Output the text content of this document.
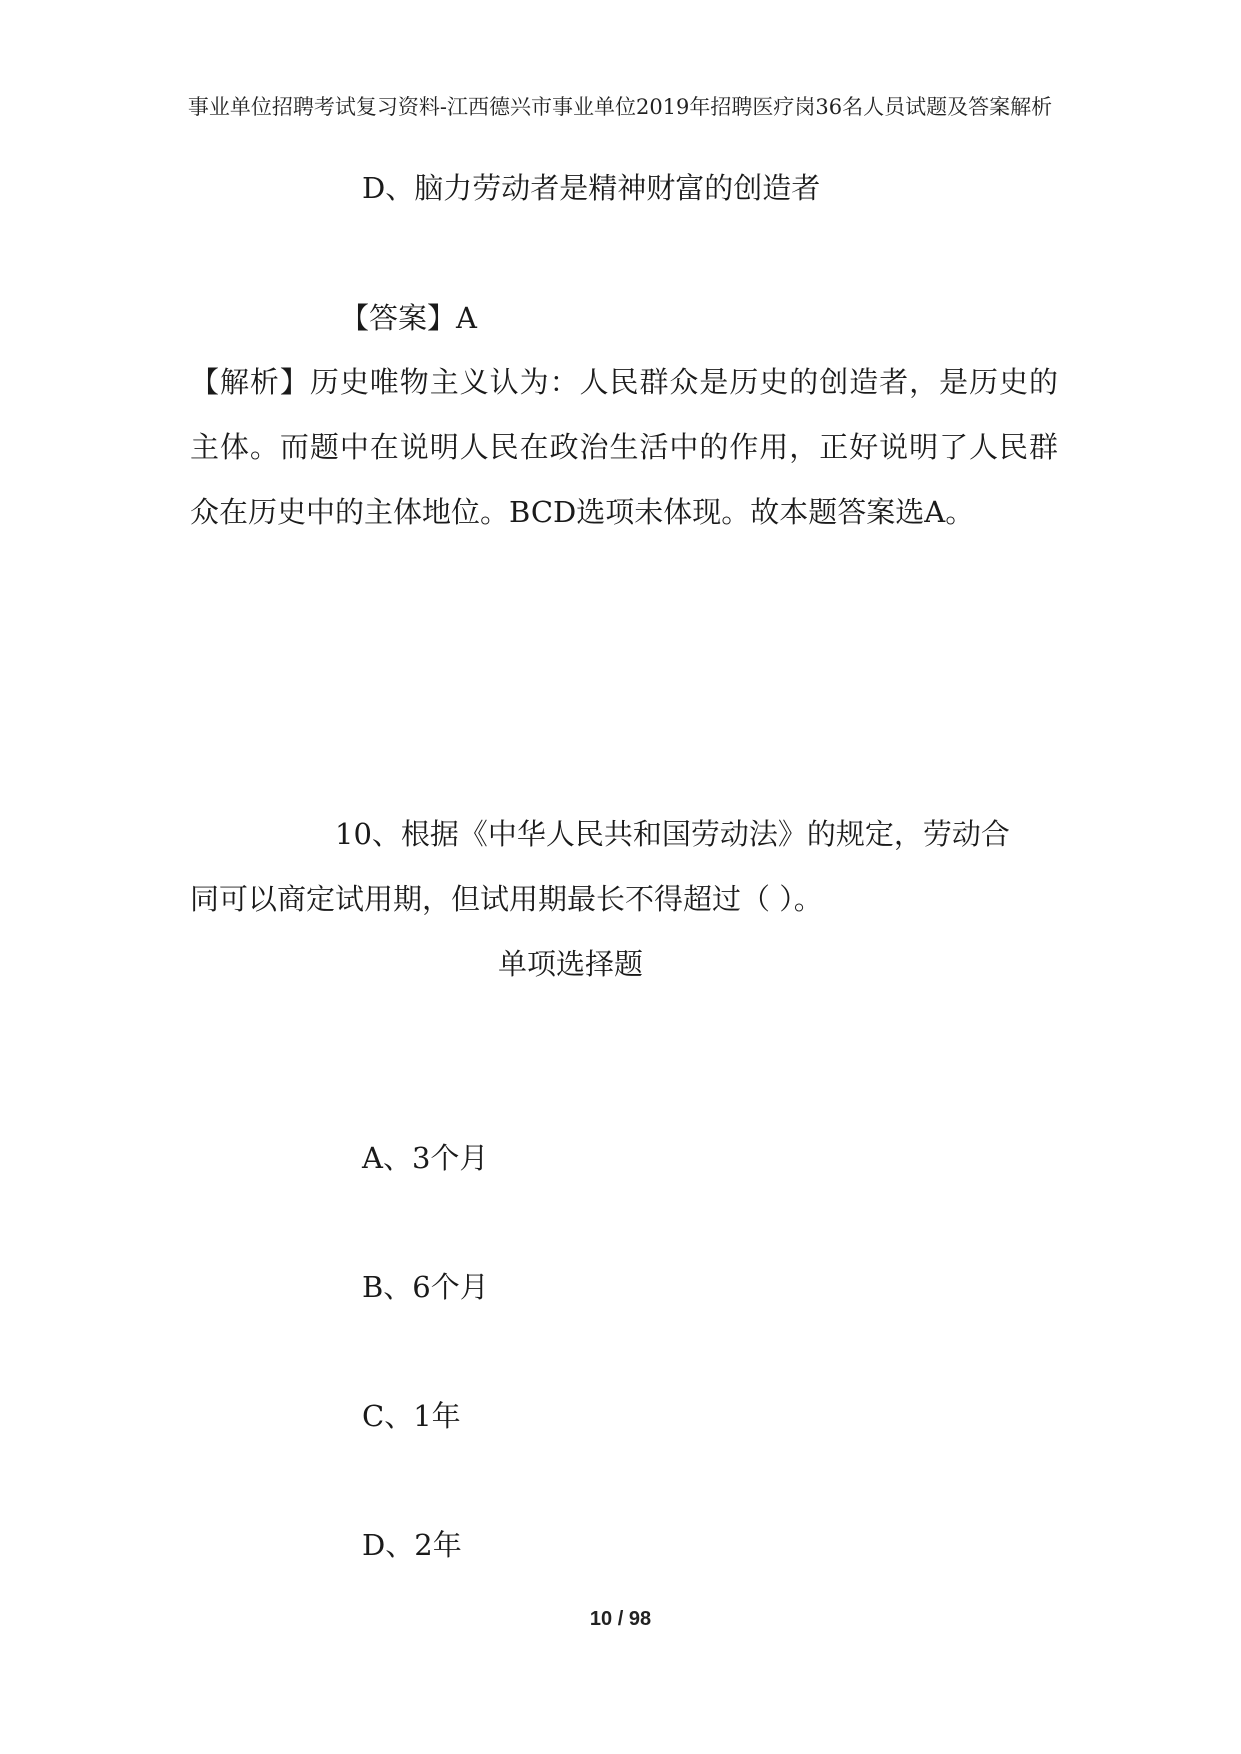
事业单位招聘考试复习资料-江西德兴市事业单位2019年招聘医疗岗36名人员试题及答案解析
D、脑力劳动者是精神财富的创造者
【答案】A
【解析】历史唯物主义认为：人民群众是历史的创造者，是历史的主体。而题中在说明人民在政治生活中的作用，正好说明了人民群众在历史中的主体地位。BCD选项未体现。故本题答案选A。
10、根据《中华人民共和国劳动法》的规定，劳动合
同可以商定试用期，但试用期最长不得超过（ ）。
单项选择题
A、3个月
B、6个月
C、1年
D、2年
10 / 98
